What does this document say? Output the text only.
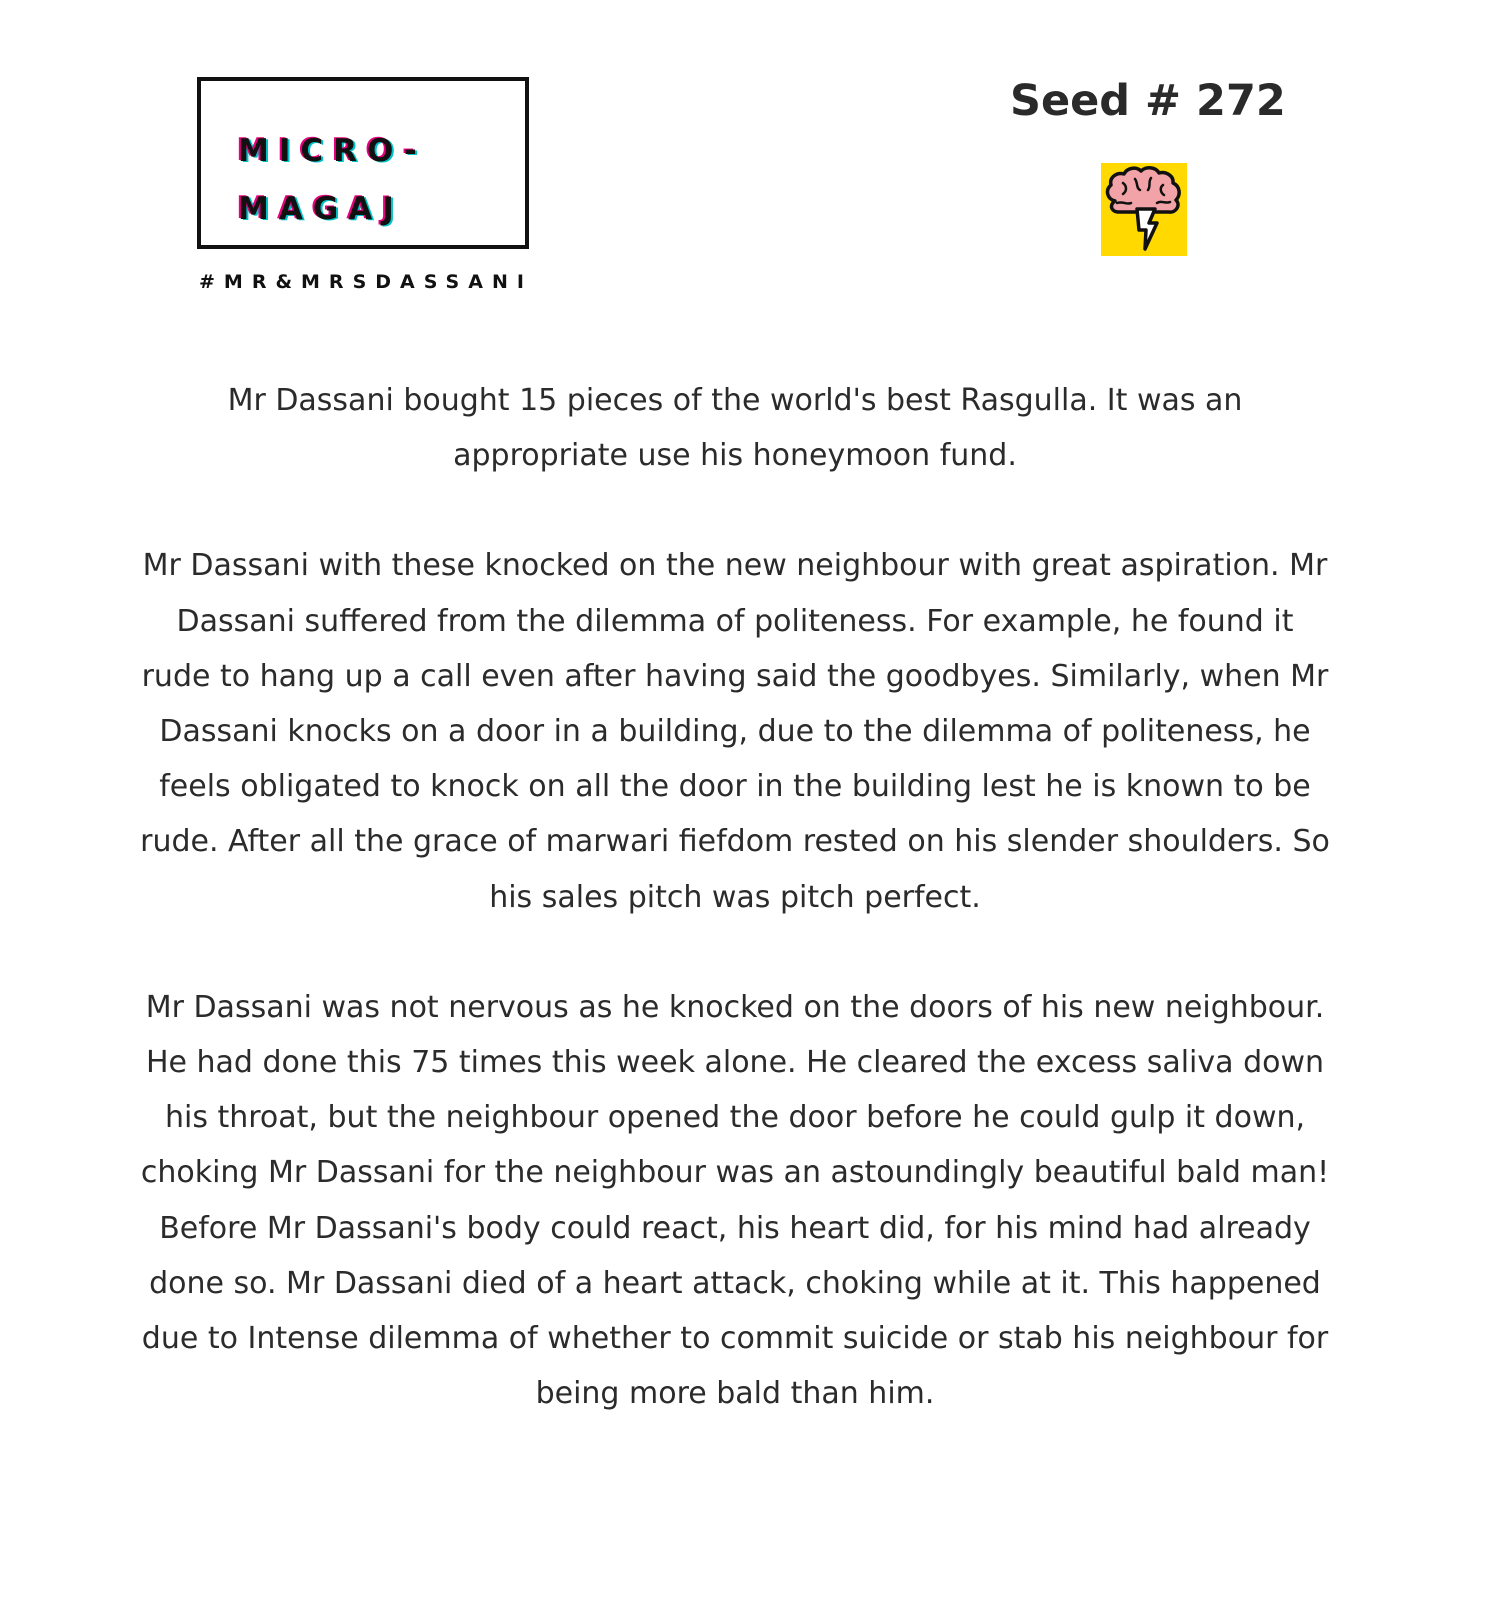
MICRO-
MAGAJ
#MR&MRSDASSANI
Seed # 272

Mr Dassani bought 15 pieces of the world's best Rasgulla. It was an appropriate use his honeymoon fund.

Mr Dassani with these knocked on the new neighbour with great aspiration. Mr Dassani suffered from the dilemma of politeness. For example, he found it rude to hang up a call even after having said the goodbyes. Similarly, when Mr Dassani knocks on a door in a building, due to the dilemma of politeness, he feels obligated to knock on all the door in the building lest he is known to be rude. After all the grace of marwari fiefdom rested on his slender shoulders. So his sales pitch was pitch perfect.

Mr Dassani was not nervous as he knocked on the doors of his new neighbour. He had done this 75 times this week alone. He cleared the excess saliva down his throat, but the neighbour opened the door before he could gulp it down, choking Mr Dassani for the neighbour was an astoundingly beautiful bald man! Before Mr Dassani's body could react, his heart did, for his mind had already done so. Mr Dassani died of a heart attack, choking while at it. This happened due to Intense dilemma of whether to commit suicide or stab his neighbour for being more bald than him.
